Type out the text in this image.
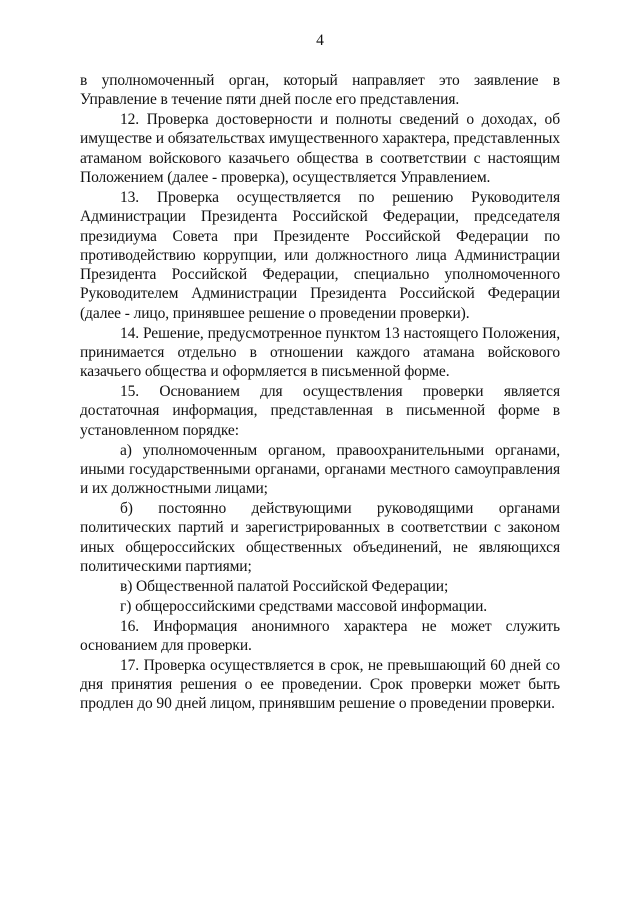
4

в уполномоченный орган, который направляет это заявление в Управление в течение пяти дней после его представления.

12. Проверка достоверности и полноты сведений о доходах, об имуществе и обязательствах имущественного характера, представленных атаманом войскового казачьего общества в соответствии с настоящим Положением (далее - проверка), осуществляется Управлением.

13. Проверка осуществляется по решению Руководителя Администрации Президента Российской Федерации, председателя президиума Совета при Президенте Российской Федерации по противодействию коррупции, или должностного лица Администрации Президента Российской Федерации, специально уполномоченного Руководителем Администрации Президента Российской Федерации (далее - лицо, принявшее решение о проведении проверки).

14. Решение, предусмотренное пунктом 13 настоящего Положения, принимается отдельно в отношении каждого атамана войскового казачьего общества и оформляется в письменной форме.

15. Основанием для осуществления проверки является достаточная информация, представленная в письменной форме в установленном порядке:

а) уполномоченным органом, правоохранительными органами, иными государственными органами, органами местного самоуправления и их должностными лицами;

б) постоянно действующими руководящими органами политических партий и зарегистрированных в соответствии с законом иных общероссийских общественных объединений, не являющихся политическими партиями;

в) Общественной палатой Российской Федерации;

г) общероссийскими средствами массовой информации.

16. Информация анонимного характера не может служить основанием для проверки.

17. Проверка осуществляется в срок, не превышающий 60 дней со дня принятия решения о ее проведении. Срок проверки может быть продлен до 90 дней лицом, принявшим решение о проведении проверки.
